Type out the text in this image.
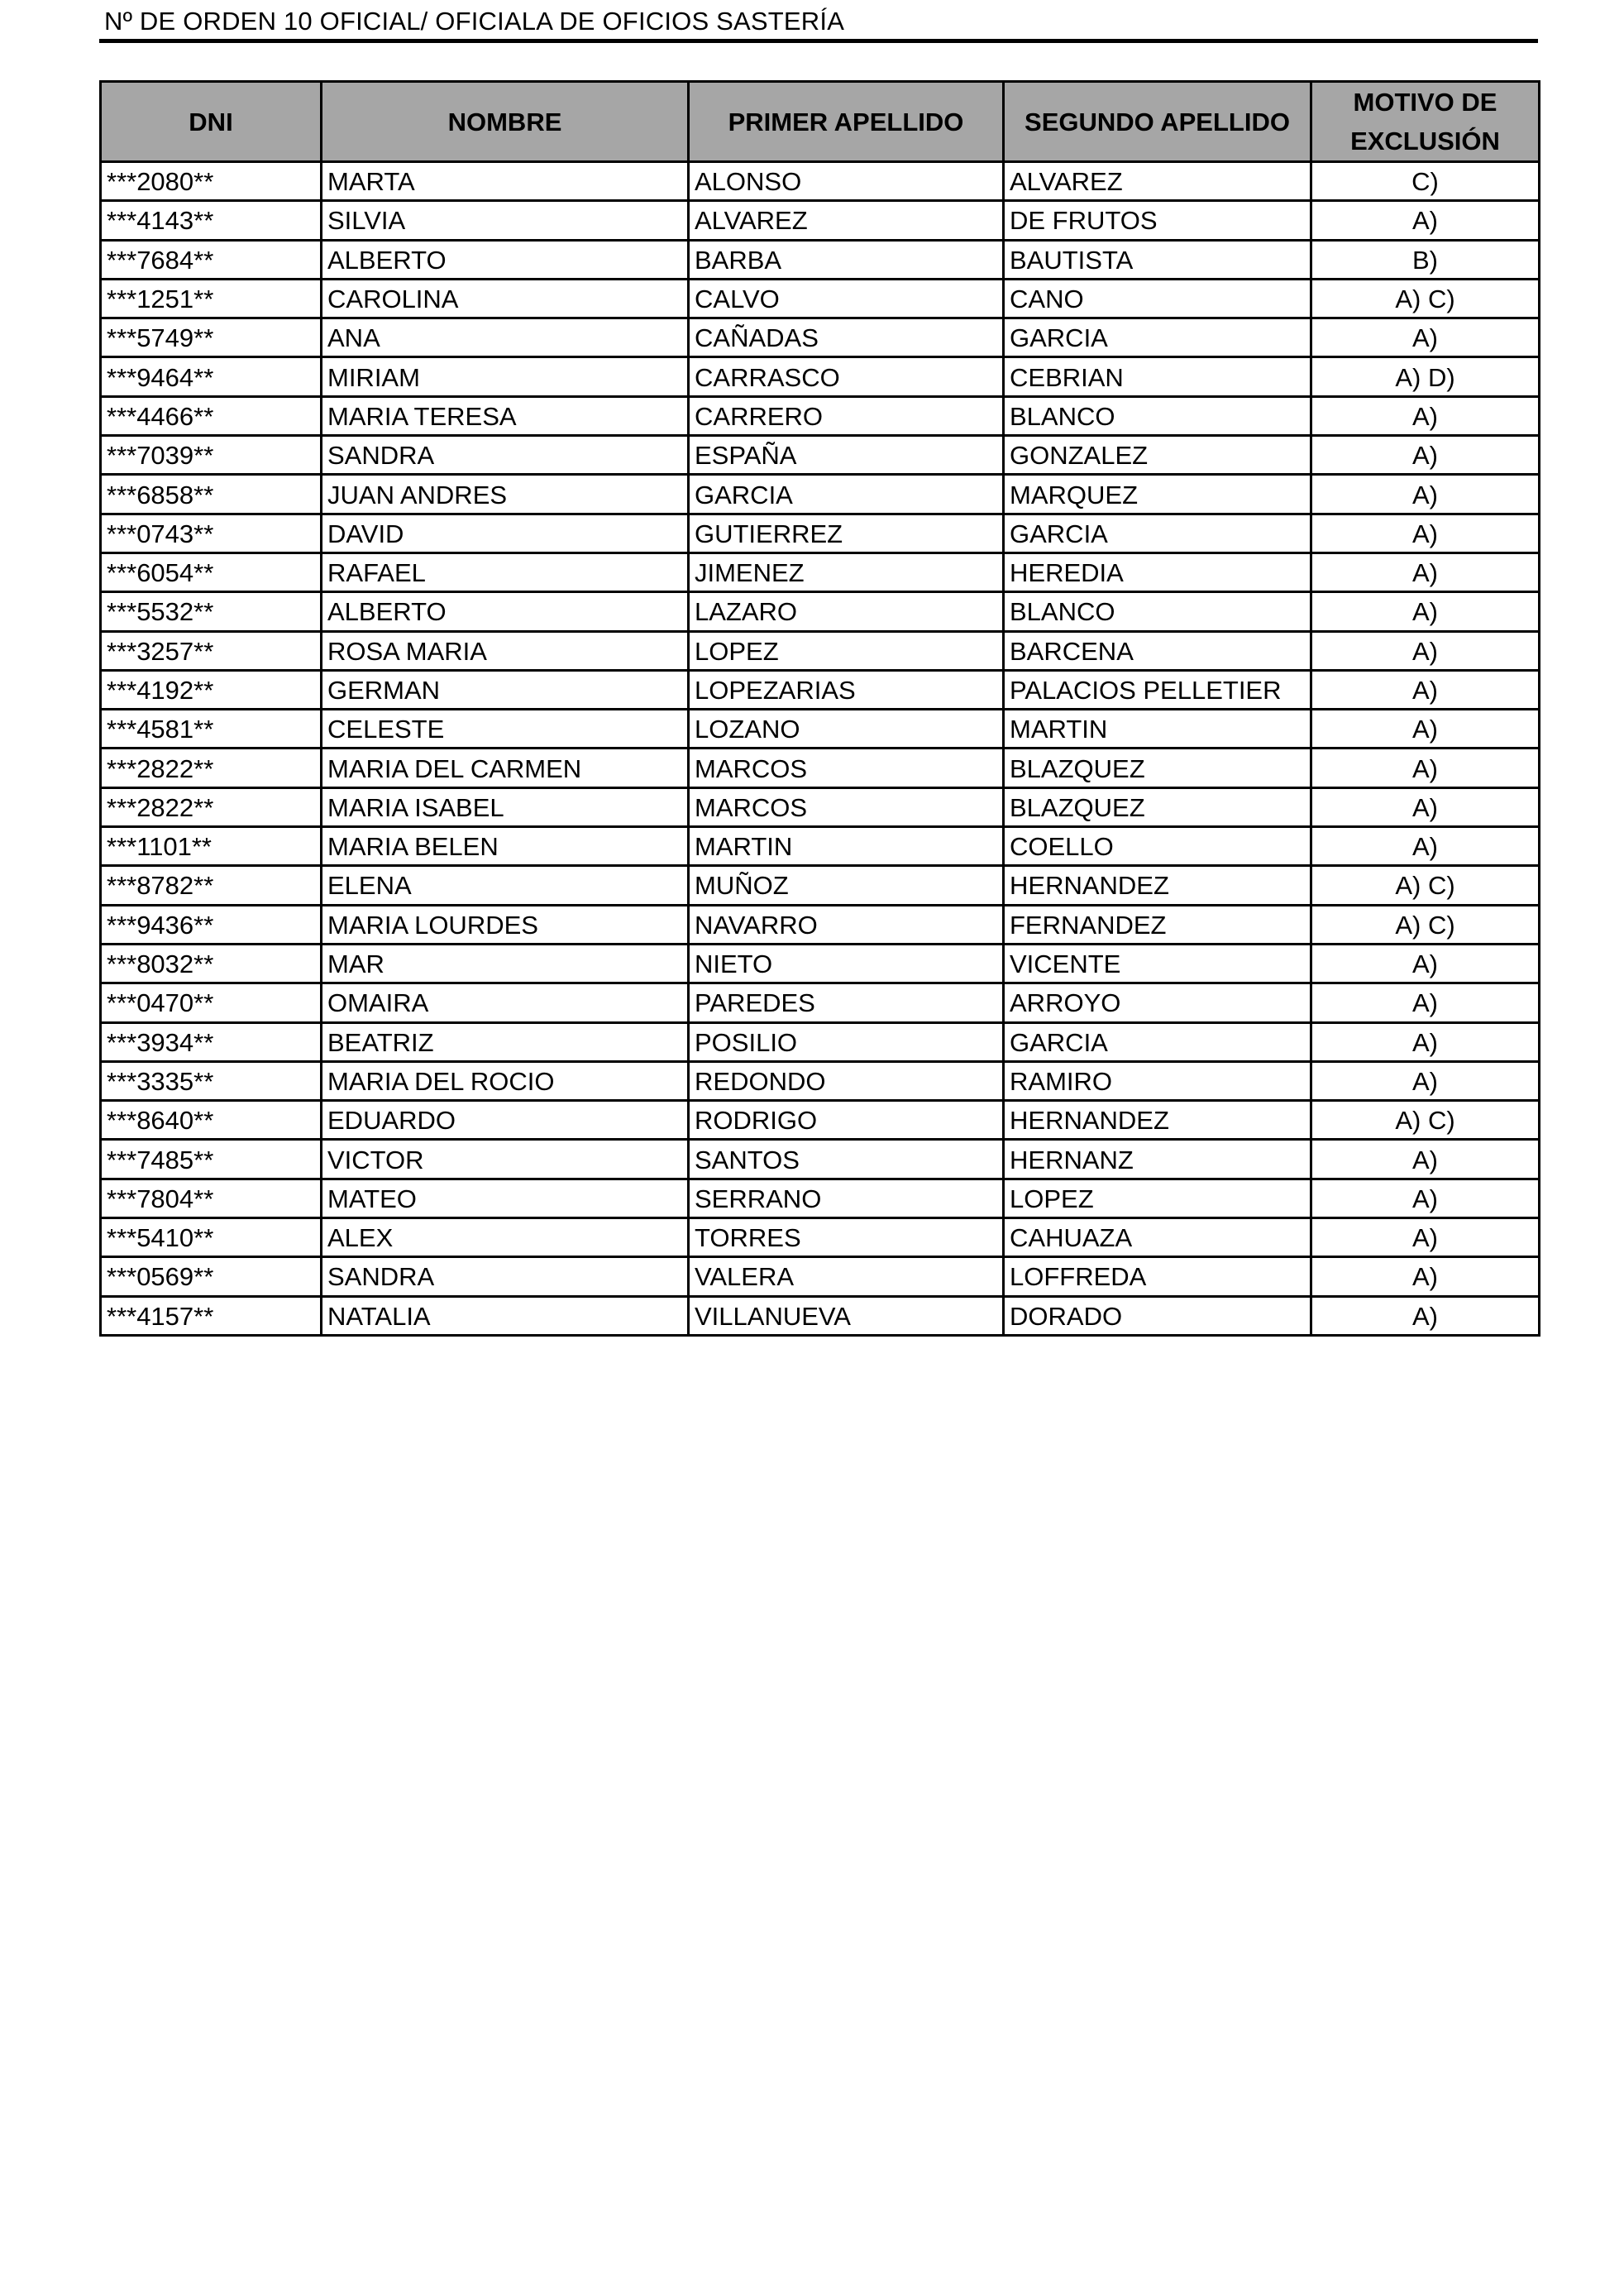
Nº DE ORDEN 10 OFICIAL/ OFICIALA DE OFICIOS SASTERÍA
DNI	NOMBRE	PRIMER APELLIDO	SEGUNDO APELLIDO	MOTIVO DE EXCLUSIÓN

***2080**	MARTA	ALONSO	ALVAREZ	C)
***4143**	SILVIA	ALVAREZ	DE FRUTOS	A)
***7684**	ALBERTO	BARBA	BAUTISTA	B)
***1251**	CAROLINA	CALVO	CANO	A) C)
***5749**	ANA	CAÑADAS	GARCIA	A)
***9464**	MIRIAM	CARRASCO	CEBRIAN	A) D)
***4466**	MARIA TERESA	CARRERO	BLANCO	A)
***7039**	SANDRA	ESPAÑA	GONZALEZ	A)
***6858**	JUAN ANDRES	GARCIA	MARQUEZ	A)
***0743**	DAVID	GUTIERREZ	GARCIA	A)
***6054**	RAFAEL	JIMENEZ	HEREDIA	A)
***5532**	ALBERTO	LAZARO	BLANCO	A)
***3257**	ROSA MARIA	LOPEZ	BARCENA	A)
***4192**	GERMAN	LOPEZARIAS	PALACIOS PELLETIER	A)
***4581**	CELESTE	LOZANO	MARTIN	A)
***2822**	MARIA DEL CARMEN	MARCOS	BLAZQUEZ	A)
***2822**	MARIA ISABEL	MARCOS	BLAZQUEZ	A)
***1101**	MARIA BELEN	MARTIN	COELLO	A)
***8782**	ELENA	MUÑOZ	HERNANDEZ	A) C)
***9436**	MARIA LOURDES	NAVARRO	FERNANDEZ	A) C)
***8032**	MAR	NIETO	VICENTE	A)
***0470**	OMAIRA	PAREDES	ARROYO	A)
***3934**	BEATRIZ	POSILIO	GARCIA	A)
***3335**	MARIA DEL ROCIO	REDONDO	RAMIRO	A)
***8640**	EDUARDO	RODRIGO	HERNANDEZ	A) C)
***7485**	VICTOR	SANTOS	HERNANZ	A)
***7804**	MATEO	SERRANO	LOPEZ	A)
***5410**	ALEX	TORRES	CAHUAZA	A)
***0569**	SANDRA	VALERA	LOFFREDA	A)
***4157**	NATALIA	VILLANUEVA	DORADO	A)
